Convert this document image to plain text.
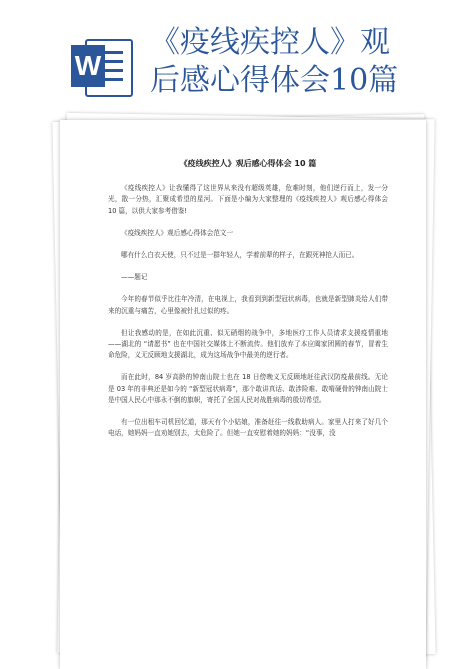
W
《疫线疾控人》观
后感心得体会10篇
《疫线疾控人》观后感心得体会 10 篇

《疫线疾控人》让我懂得了这世界从来没有超级英雄，危难时刻，他们逆行而上，发一分光，散一分热，汇聚成希望的星河。下面是小编为大家整理的《疫线疾控人》观后感心得体会 10 篇，以供大家参考借鉴!

《疫线疾控人》观后感心得体会范文一

哪有什么白衣天使，只不过是一群年轻人，学着前辈的样子，在跟死神抢人而已。

——题记

今年的春节似乎比往年冷清，在电视上，我看到到新型冠状病毒，也就是新型肺炎给人们带来的沉重与痛苦，心里像被针扎过似的疼。

但让我感动的是，在如此沉重、似无硝烟的战争中，多地医疗工作人员请求支援疫情重地——湖北的 “请愿书” 也在中国社交媒体上不断流传。他们放弃了本应阖家团圆的春节，冒着生命危险，义无反顾地支援湖北，成为这场战争中最美的逆行者。

而在此时，84 岁高龄的钟南山院士也在 18 日傍晚义无反顾地赶往武汉防疫最前线。无论是 03 年的非典还是如今的 “新型冠状病毒”，那个敢讲真话、敢涉险难、敢啃硬骨的钟南山院士是中国人民心中那永不倒的旗帜，寄托了全国人民对战胜病毒的殷切希望。

有一位出租车司机回忆道，那天有个小姑娘，准备赶往一线救助病人。家里人打来了好几个电话，她妈妈一直劝她别去，太危险了。但她一直安慰着她的妈妈：“没事，没
